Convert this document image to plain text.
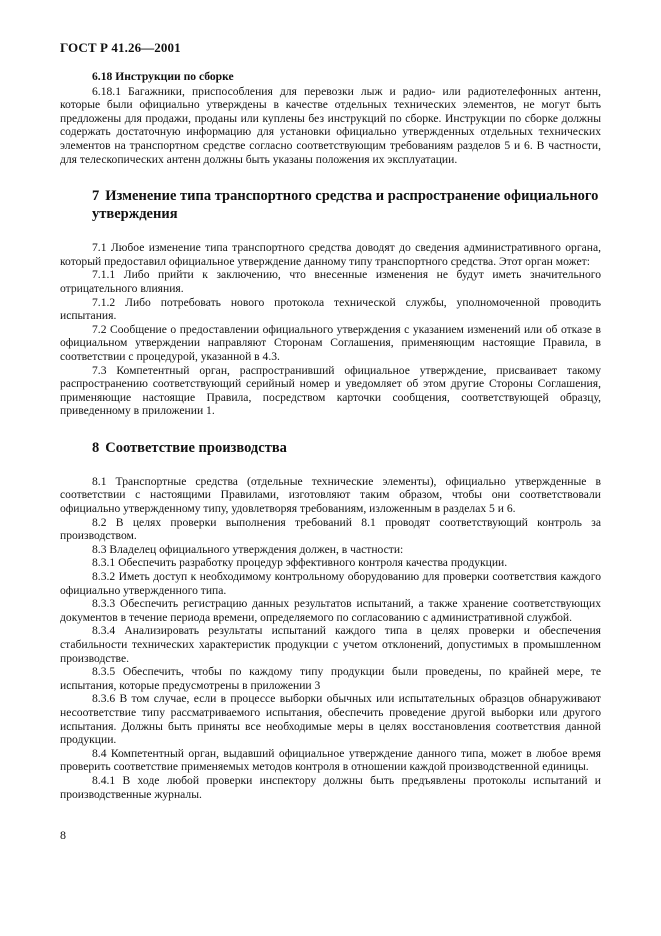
ГОСТ Р 41.26—2001
6.18 Инструкции по сборке

6.18.1 Багажники, приспособления для перевозки лыж и радио- или радиотелефонных антенн, которые были официально утверждены в качестве отдельных технических элементов, не могут быть предложены для продажи, проданы или куплены без инструкций по сборке. Инструкции по сборке должны содержать достаточную информацию для установки официально утвержденных отдельных технических элементов на транспортном средстве согласно соответствующим требованиям разделов 5 и 6. В частности, для телескопических антенн должны быть указаны положения их эксплуатации.

7 Изменение типа транспортного средства и распространение официального утверждения

7.1 Любое изменение типа транспортного средства доводят до сведения административного органа, который предоставил официальное утверждение данному типу транспортного средства. Этот орган может:

7.1.1 Либо прийти к заключению, что внесенные изменения не будут иметь значительного отрицательного влияния.

7.1.2 Либо потребовать нового протокола технической службы, уполномоченной проводить испытания.

7.2 Сообщение о предоставлении официального утверждения с указанием изменений или об отказе в официальном утверждении направляют Сторонам Соглашения, применяющим настоящие Правила, в соответствии с процедурой, указанной в 4.3.

7.3 Компетентный орган, распространивший официальное утверждение, присваивает такому распространению соответствующий серийный номер и уведомляет об этом другие Стороны Соглашения, применяющие настоящие Правила, посредством карточки сообщения, соответствующей образцу, приведенному в приложении 1.

8 Соответствие производства

8.1 Транспортные средства (отдельные технические элементы), официально утвержденные в соответствии с настоящими Правилами, изготовляют таким образом, чтобы они соответствовали официально утвержденному типу, удовлетворяя требованиям, изложенным в разделах 5 и 6.

8.2 В целях проверки выполнения требований 8.1 проводят соответствующий контроль за производством.

8.3 Владелец официального утверждения должен, в частности:

8.3.1 Обеспечить разработку процедур эффективного контроля качества продукции.

8.3.2 Иметь доступ к необходимому контрольному оборудованию для проверки соответствия каждого официально утвержденного типа.

8.3.3 Обеспечить регистрацию данных результатов испытаний, а также хранение соответствующих документов в течение периода времени, определяемого по согласованию с административной службой.

8.3.4 Анализировать результаты испытаний каждого типа в целях проверки и обеспечения стабильности технических характеристик продукции с учетом отклонений, допустимых в промышленном производстве.

8.3.5 Обеспечить, чтобы по каждому типу продукции были проведены, по крайней мере, те испытания, которые предусмотрены в приложении 3

8.3.6 В том случае, если в процессе выборки обычных или испытательных образцов обнаруживают несоответствие типу рассматриваемого испытания, обеспечить проведение другой выборки или другого испытания. Должны быть приняты все необходимые меры в целях восстановления соответствия данной продукции.

8.4 Компетентный орган, выдавший официальное утверждение данного типа, может в любое время проверить соответствие применяемых методов контроля в отношении каждой производственной единицы.

8.4.1 В ходе любой проверки инспектору должны быть предъявлены протоколы испытаний и производственные журналы.

8
